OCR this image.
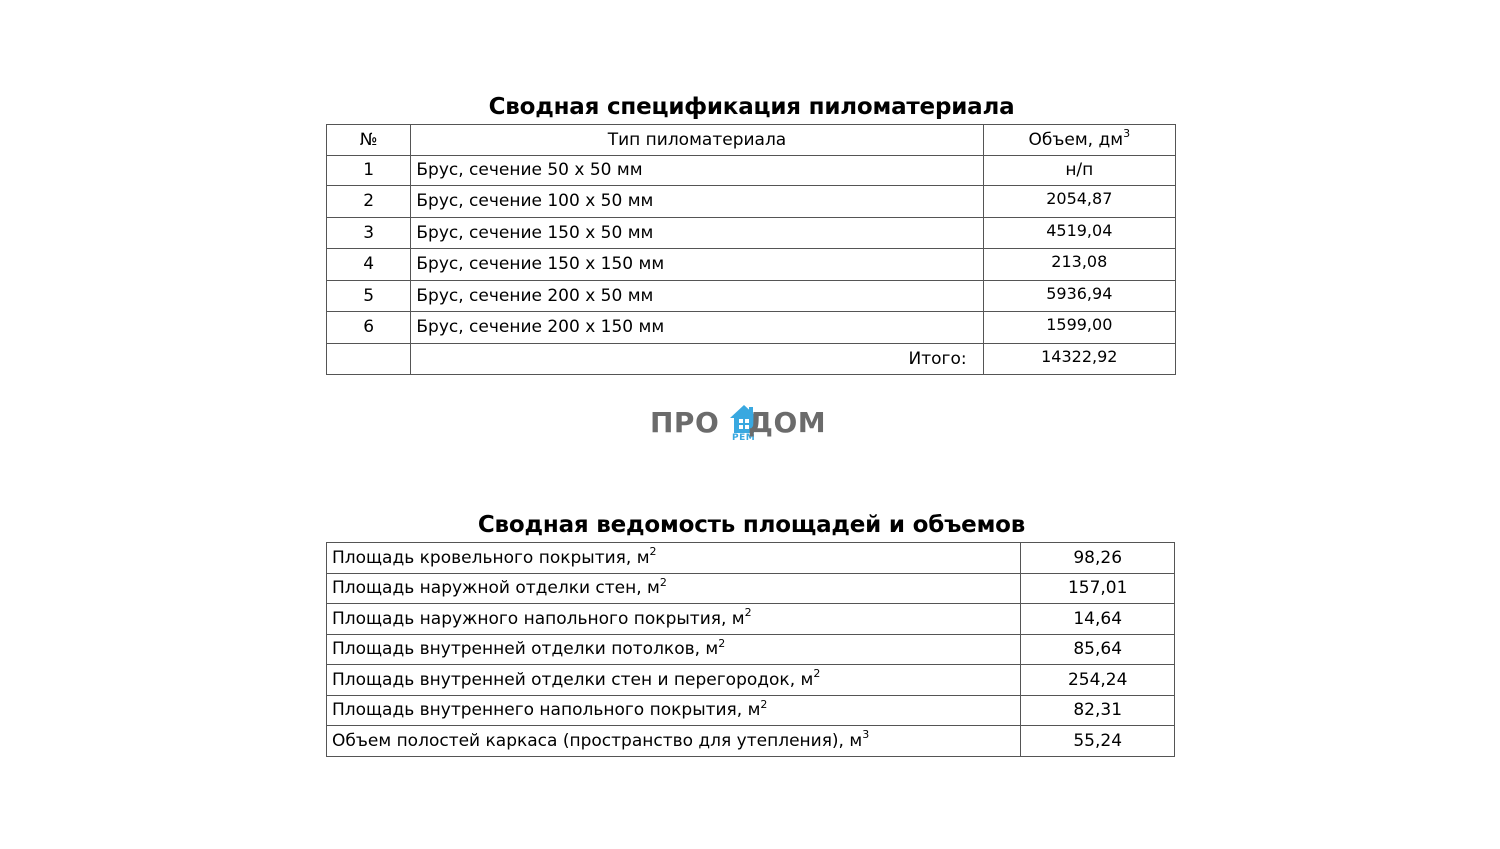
Сводная спецификация пиломатериала
№	Тип пиломатериала	Объем, $дм^3$
1	Брус, сечение 50 х 50 мм	н/п
2	Брус, сечение 100 х 50 мм	2054,87
3	Брус, сечение 150 х 50 мм	4519,04
4	Брус, сечение 150 х 150 мм	213,08
5	Брус, сечение 200 х 50 мм	5936,94
6	Брус, сечение 200 х 150 мм	1599,00
	Итого:	14322,92
ПРО РЕМ
ДОМ
Сводная ведомость площадей и объемов
Площадь кровельного покрытия, $м^2$	98,26
Площадь наружной отделки стен, $м^2$	157,01
Площадь наружного напольного покрытия, $м^2$	14,64
Площадь внутренней отделки потолков, $м^2$	85,64
Площадь внутренней отделки стен и перегородок, $м^2$	254,24
Площадь внутреннего напольного покрытия, $м^2$	82,31
Объем полостей каркаса (пространство для утепления), $м^3$	55,24
